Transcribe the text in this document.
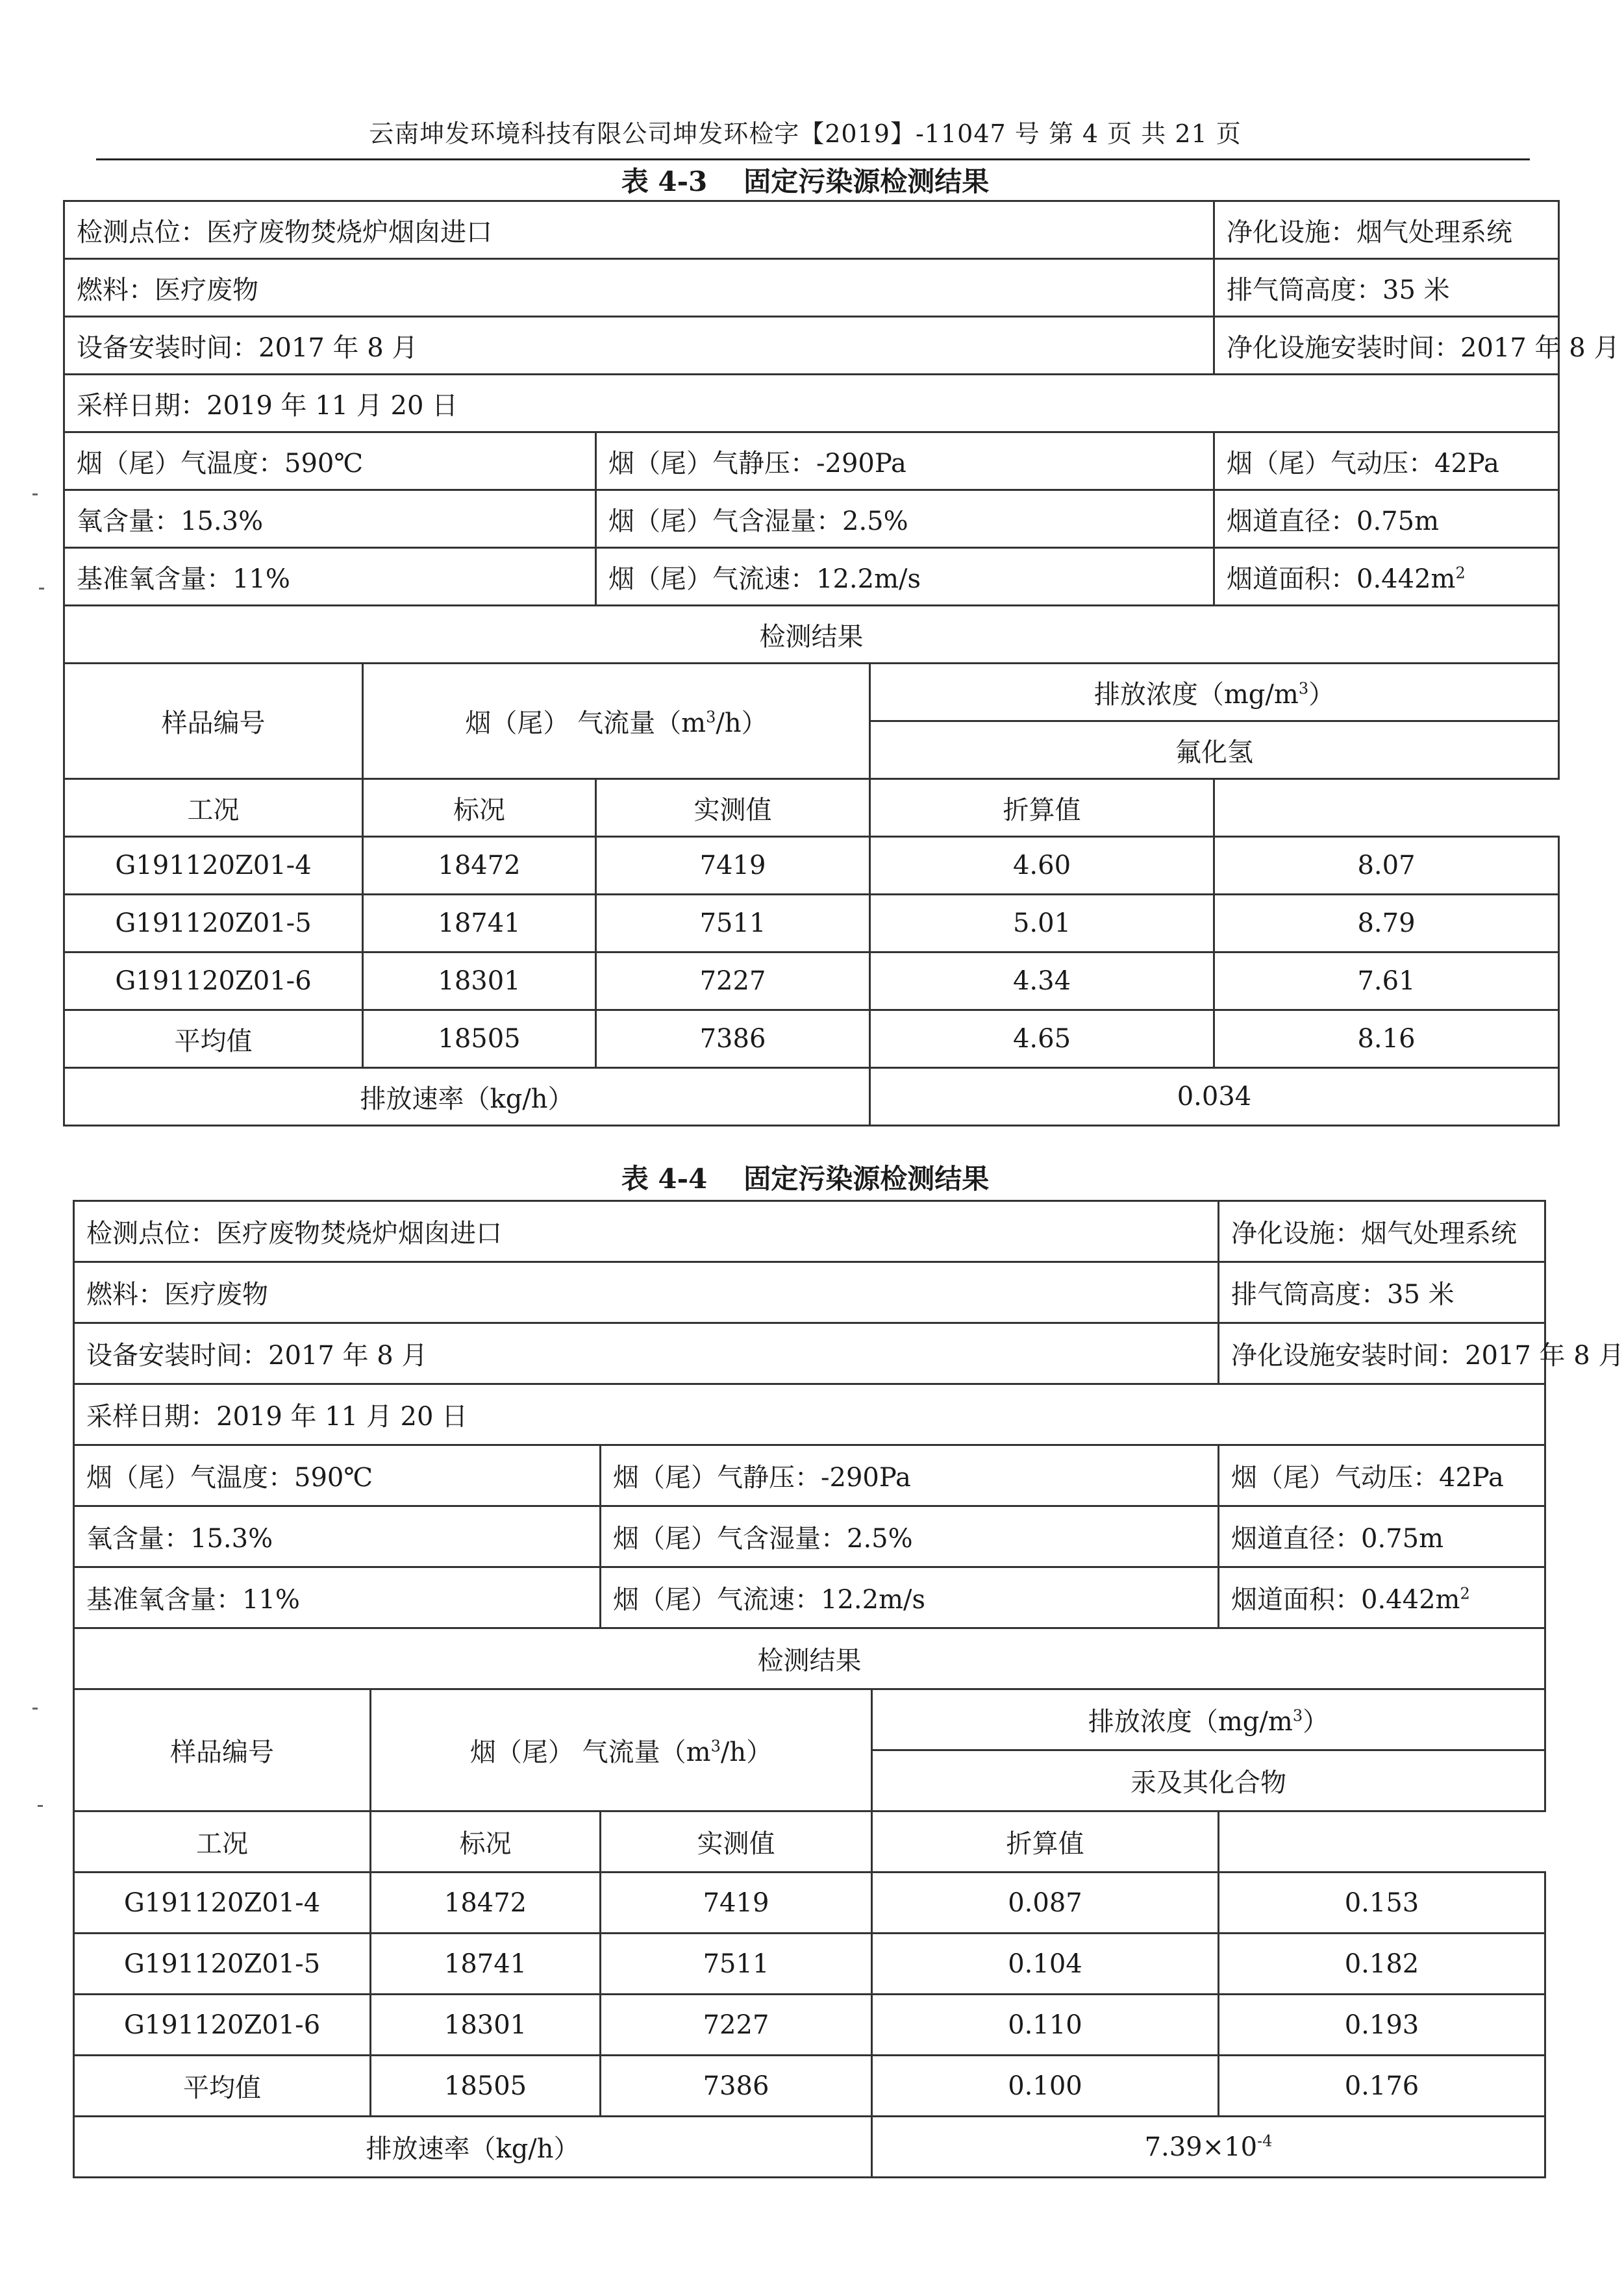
云南坤发环境科技有限公司坤发环检字【2019】-11047 号 第 4 页 共 21 页
表 4-3 固定污染源检测结果
检测点位 ： 医疗废物焚烧炉烟囱进口				净化设施 ： 烟气处理系统
燃料 ： 医疗废物				排气筒高度 ： 35 米
设备安装时间 ： 2017 年 8 月				净化设施安装时间 ： 2017 年 8 月
采样日期 ： 2019 年 11 月 20 日
烟（尾）气温度 ： 590℃		烟（尾）气静压 ： -290Pa		烟（尾）气动压 ： 42Pa
氧含量 ： 15.3%		烟（尾）气含湿量 ： 2.5%		烟道直径 ： 0.75m
基准氧含量 ： 11%		烟（尾）气流速 ： 12.2m/s		烟道面积 ： $0.442m^2$
检测结果				
样品编号	烟（尾） 气流量$(m^3/h)$		排放浓度$(mg/m^3)$	
			氟化氢	
工况	标况	实测值	折算值	
G191120Z01-4	18472	7419	4.60	8.07
G191120Z01-5	18741	7511	5.01	8.79
G191120Z01-6	18301	7227	4.34	7.61
平均值	18505	7386	4.65	8.16
排放速率（kg/h）			0.034	
表 4-4 固定污染源检测结果
检测点位 ： 医疗废物焚烧炉烟囱进口				净化设施 ： 烟气处理系统
燃料 ： 医疗废物				排气筒高度 ： 35 米
设备安装时间 ： 2017 年 8 月				净化设施安装时间 ： 2017 年 8 月
采样日期 ： 2019 年 11 月 20 日
烟（尾）气温度 ： 590℃		烟（尾）气静压 ： -290Pa		烟（尾）气动压 ： 42Pa
氧含量 ： 15.3%		烟（尾）气含湿量 ： 2.5%		烟道直径 ： 0.75m
基准氧含量 ： 11%		烟（尾）气流速 ： 12.2m/s		烟道面积 ： $0.442m^2$
检测结果				
样品编号	烟（尾） 气流量$(m^3/h)$		排放浓度$(mg/m^3)$	
			汞及其化合物	
工况	标况	实测值	折算值	
G191120Z01-4	18472	7419	0.087	0.153
G191120Z01-5	18741	7511	0.104	0.182
G191120Z01-6	18301	7227	0.110	0.193
平均值	18505	7386	0.100	0.176
排放速率（kg/h）			$7.39\times 10^{-4}$
